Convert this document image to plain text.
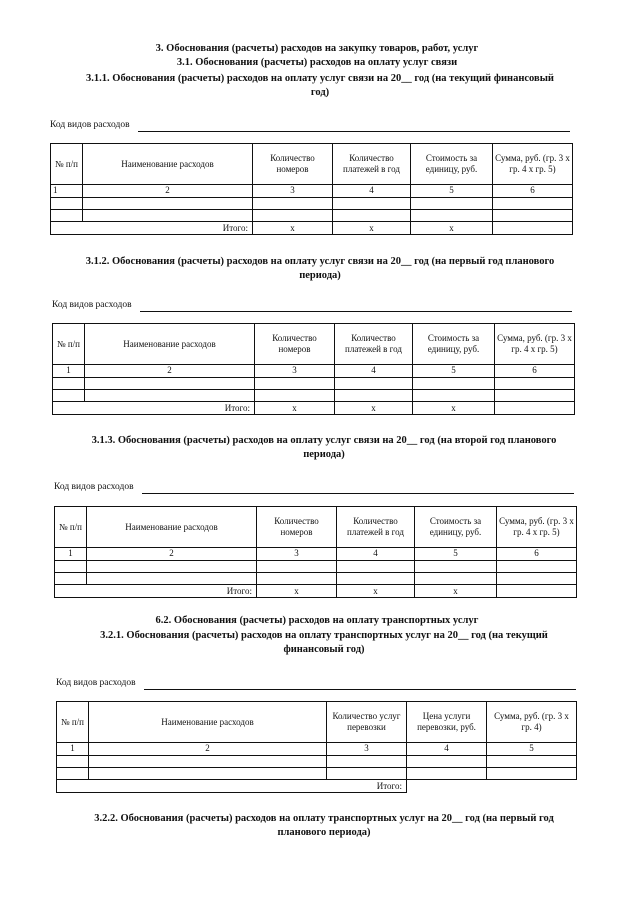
3. Обоснования (расчеты) расходов на закупку товаров, работ, услуг
3.1. Обоснования (расчеты) расходов на оплату услуг связи
3.1.1. Обоснования (расчеты) расходов на оплату услуг связи на 20__ год (на текущий финансовый
год)
Код видов расходов
№ п/п	Наименование расходов	Количество номеров	Количество платежей в год	Стоимость за единицу, руб.	Сумма, руб. (гр. 3 х гр. 4 х гр. 5)
1	2	3	4	5	6

Итого:		х	х	х	
3.1.2. Обоснования (расчеты) расходов на оплату услуг связи на 20__ год (на первый год планового
периода)
Код видов расходов
№ п/п	Наименование расходов	Количество номеров	Количество платежей в год	Стоимость за единицу, руб.	Сумма, руб. (гр. 3 х гр. 4 х гр. 5)
1	2	3	4	5	6

Итого:		х	х	х	
3.1.3. Обоснования (расчеты) расходов на оплату услуг связи на 20__ год (на второй год планового
периода)
Код видов расходов
№ п/п	Наименование расходов	Количество номеров	Количество платежей в год	Стоимость за единицу, руб.	Сумма, руб. (гр. 3 х гр. 4 х гр. 5)
1	2	3	4	5	6

Итого:		х	х	х	
6.2. Обоснования (расчеты) расходов на оплату транспортных услуг
3.2.1. Обоснования (расчеты) расходов на оплату транспортных услуг на 20__ год (на текущий
финансовый год)
Код видов расходов
№ п/п	Наименование расходов	Количество услуг перевозки	Цена услуги перевозки, руб.	Сумма, руб. (гр. 3 х гр. 4)
1	2	3	4	5

Итого:				
3.2.2. Обоснования (расчеты) расходов на оплату транспортных услуг на 20__ год (на первый год
планового периода)
